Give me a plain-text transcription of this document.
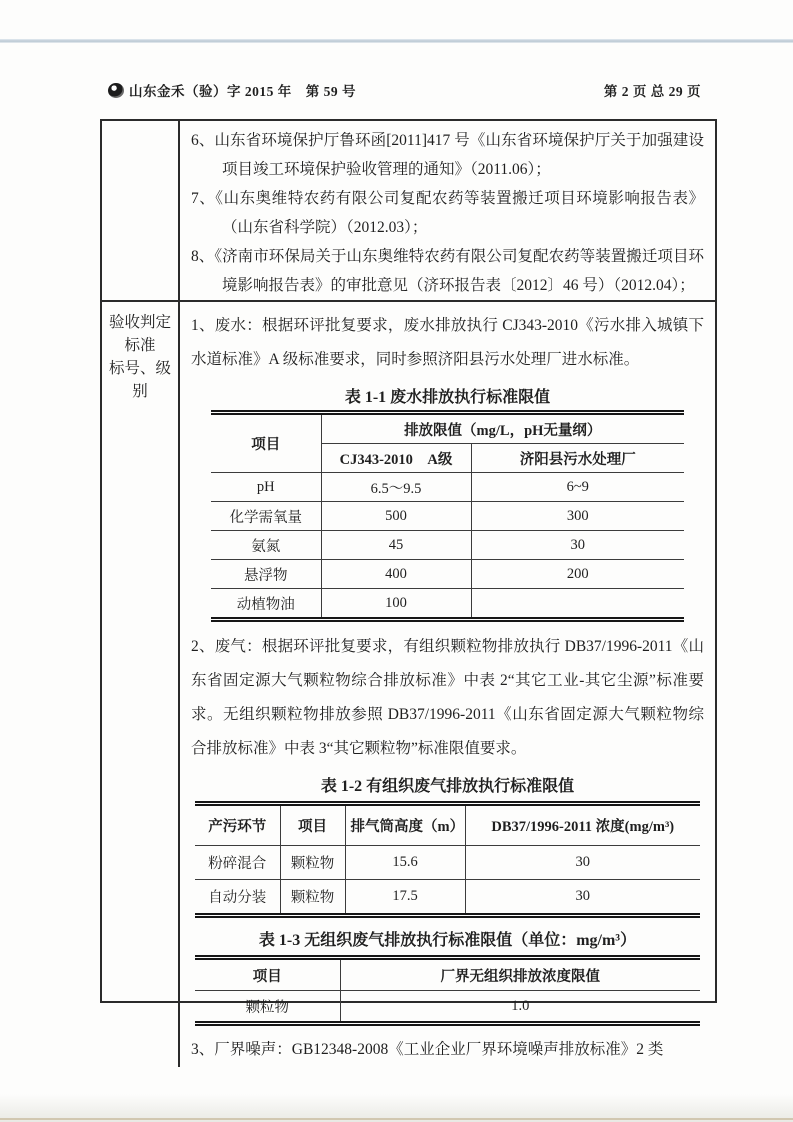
山东金禾（验）字 2015 年　第 59 号	第 2 页 总 29 页

6、山东省环境保护厅鲁环函[2011]417 号《山东省环境保护厅关于加强建设项目竣工环境保护验收管理的通知》（2011.06）；

7、《山东奥维特农药有限公司复配农药等装置搬迁项目环境影响报告表》（山东省科学院）（2012.03）；

8、《济南市环保局关于山东奥维特农药有限公司复配农药等装置搬迁项目环境影响报告表》的审批意见（济环报告表〔2012〕46 号）（2012.04）；

验收判定标准
标号、级别

1、废水：根据环评批复要求，废水排放执行 CJ343-2010《污水排入城镇下水道标准》A 级标准要求，同时参照济阳县污水处理厂进水标准。

表 1-1 废水排放执行标准限值

项目	排放限值（mg/L，pH无量纲）	
	CJ343-2010　A级	济阳县污水处理厂
pH	6.5～9.5	6~9
化学需氧量	500	300
氨氮	45	30
悬浮物	400	200
动植物油	100	

2、废气：根据环评批复要求，有组织颗粒物排放执行 DB37/1996-2011《山东省固定源大气颗粒物综合排放标准》中表 2“其它工业-其它尘源”标准要求。无组织颗粒物排放参照 DB37/1996-2011《山东省固定源大气颗粒物综合排放标准》中表 3“其它颗粒物”标准限值要求。

表 1-2 有组织废气排放执行标准限值

产污环节	项目	排气筒高度（m）	DB37/1996-2011 浓度(mg/m³)
粉碎混合	颗粒物	15.6	30
自动分装	颗粒物	17.5	30

表 1-3 无组织废气排放执行标准限值（单位：mg/m³）

项目	厂界无组织排放浓度限值
颗粒物	1.0

3、厂界噪声：GB12348-2008《工业企业厂界环境噪声排放标准》2 类
